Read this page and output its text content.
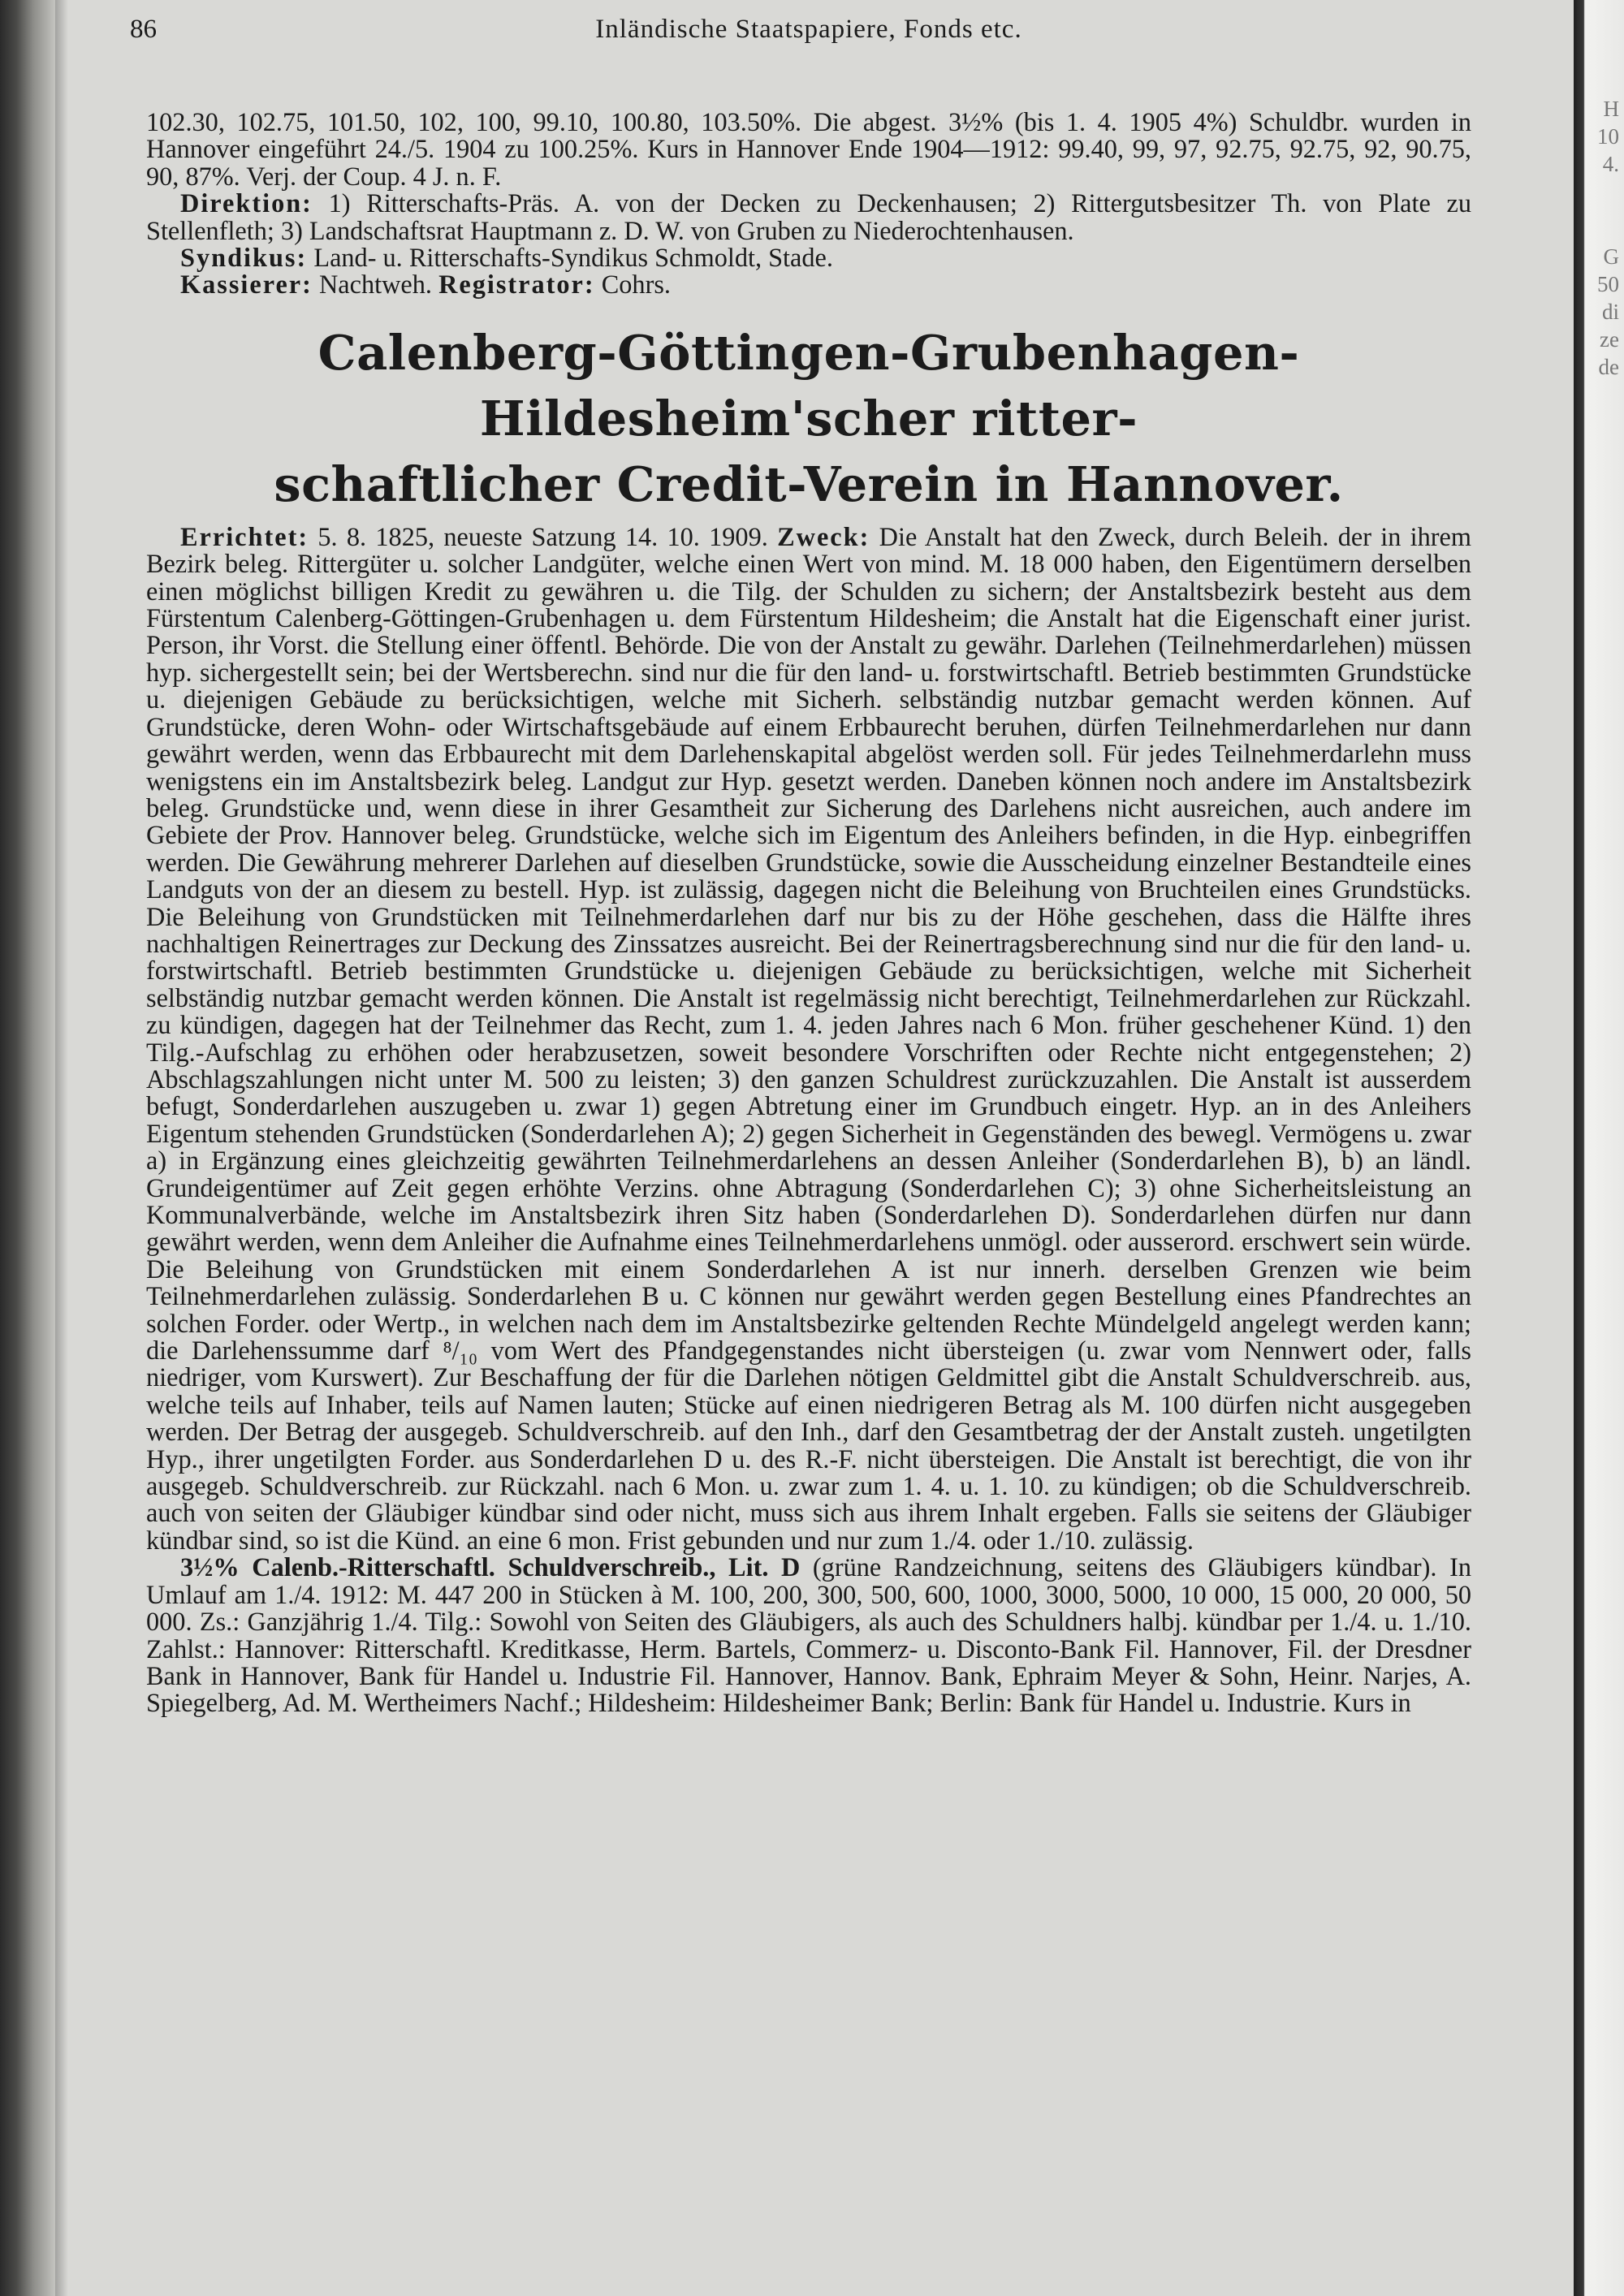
H
10
4.
G
50
di
ze
de
86	Inländische Staatspapiere, Fonds etc.

102.30, 102.75, 101.50, 102, 100, 99.10, 100.80, 103.50%. Die abgest. 3½% (bis 1. 4. 1905 4%) Schuldbr. wurden in Hannover eingeführt 24./5. 1904 zu 100.25%. Kurs in Hannover Ende 1904—1912: 99.40, 99, 97, 92.75, 92.75, 92, 90.75, 90, 87%. Verj. der Coup. 4 J. n. F.

Direktion: 1) Ritterschafts-Präs. A. von der Decken zu Deckenhausen; 2) Rittergutsbesitzer Th. von Plate zu Stellenfleth; 3) Landschaftsrat Hauptmann z. D. W. von Gruben zu Niederochtenhausen.

Syndikus: Land- u. Ritterschafts-Syndikus Schmoldt, Stade.

Kassierer: Nachtweh. Registrator: Cohrs.

Calenberg-Göttingen-Grubenhagen-Hildesheim'scher ritter-
schaftlicher Credit-Verein in Hannover.

Errichtet: 5. 8. 1825, neueste Satzung 14. 10. 1909. Zweck: Die Anstalt hat den Zweck, durch Beleih. der in ihrem Bezirk beleg. Rittergüter u. solcher Landgüter, welche einen Wert von mind. M. 18 000 haben, den Eigentümern derselben einen möglichst billigen Kredit zu gewähren u. die Tilg. der Schulden zu sichern; der Anstaltsbezirk besteht aus dem Fürstentum Calenberg-Göttingen-Grubenhagen u. dem Fürstentum Hildesheim; die Anstalt hat die Eigenschaft einer jurist. Person, ihr Vorst. die Stellung einer öffentl. Behörde. Die von der Anstalt zu gewähr. Darlehen (Teilnehmerdarlehen) müssen hyp. sichergestellt sein; bei der Wertsberechn. sind nur die für den land- u. forstwirtschaftl. Betrieb bestimmten Grundstücke u. diejenigen Gebäude zu berücksichtigen, welche mit Sicherh. selbständig nutzbar gemacht werden können. Auf Grundstücke, deren Wohn- oder Wirtschaftsgebäude auf einem Erbbaurecht beruhen, dürfen Teilnehmerdarlehen nur dann gewährt werden, wenn das Erbbaurecht mit dem Darlehenskapital abgelöst werden soll. Für jedes Teilnehmerdarlehn muss wenigstens ein im Anstaltsbezirk beleg. Landgut zur Hyp. gesetzt werden. Daneben können noch andere im Anstaltsbezirk beleg. Grundstücke und, wenn diese in ihrer Gesamtheit zur Sicherung des Darlehens nicht ausreichen, auch andere im Gebiete der Prov. Hannover beleg. Grundstücke, welche sich im Eigentum des Anleihers befinden, in die Hyp. einbegriffen werden. Die Gewährung mehrerer Darlehen auf dieselben Grundstücke, sowie die Ausscheidung einzelner Bestandteile eines Landguts von der an diesem zu bestell. Hyp. ist zulässig, dagegen nicht die Beleihung von Bruchteilen eines Grundstücks. Die Beleihung von Grundstücken mit Teilnehmerdarlehen darf nur bis zu der Höhe geschehen, dass die Hälfte ihres nachhaltigen Reinertrages zur Deckung des Zinssatzes ausreicht. Bei der Reinertragsberechnung sind nur die für den land- u. forstwirtschaftl. Betrieb bestimmten Grundstücke u. diejenigen Gebäude zu berücksichtigen, welche mit Sicherheit selbständig nutzbar gemacht werden können. Die Anstalt ist regelmässig nicht berechtigt, Teilnehmerdarlehen zur Rückzahl. zu kündigen, dagegen hat der Teilnehmer das Recht, zum 1. 4. jeden Jahres nach 6 Mon. früher geschehener Künd. 1) den Tilg.-Aufschlag zu erhöhen oder herabzusetzen, soweit besondere Vorschriften oder Rechte nicht entgegenstehen; 2) Abschlagszahlungen nicht unter M. 500 zu leisten; 3) den ganzen Schuldrest zurückzuzahlen. Die Anstalt ist ausserdem befugt, Sonderdarlehen auszugeben u. zwar 1) gegen Abtretung einer im Grundbuch eingetr. Hyp. an in des Anleihers Eigentum stehenden Grundstücken (Sonderdarlehen A); 2) gegen Sicherheit in Gegenständen des bewegl. Vermögens u. zwar a) in Ergänzung eines gleichzeitig gewährten Teilnehmerdarlehens an dessen Anleiher (Sonderdarlehen B), b) an ländl. Grundeigentümer auf Zeit gegen erhöhte Verzins. ohne Abtragung (Sonderdarlehen C); 3) ohne Sicherheitsleistung an Kommunalverbände, welche im Anstaltsbezirk ihren Sitz haben (Sonderdarlehen D). Sonderdarlehen dürfen nur dann gewährt werden, wenn dem Anleiher die Aufnahme eines Teilnehmerdarlehens unmögl. oder ausserord. erschwert sein würde. Die Beleihung von Grundstücken mit einem Sonderdarlehen A ist nur innerh. derselben Grenzen wie beim Teilnehmerdarlehen zulässig. Sonderdarlehen B u. C können nur gewährt werden gegen Bestellung eines Pfandrechtes an solchen Forder. oder Wertp., in welchen nach dem im Anstaltsbezirke geltenden Rechte Mündelgeld angelegt werden kann; die Darlehenssumme darf ⁸/₁₀ vom Wert des Pfandgegenstandes nicht übersteigen (u. zwar vom Nennwert oder, falls niedriger, vom Kurswert). Zur Beschaffung der für die Darlehen nötigen Geldmittel gibt die Anstalt Schuldverschreib. aus, welche teils auf Inhaber, teils auf Namen lauten; Stücke auf einen niedrigeren Betrag als M. 100 dürfen nicht ausgegeben werden. Der Betrag der ausgegeb. Schuldverschreib. auf den Inh., darf den Gesamtbetrag der der Anstalt zusteh. ungetilgten Hyp., ihrer ungetilgten Forder. aus Sonderdarlehen D u. des R.-F. nicht übersteigen. Die Anstalt ist berechtigt, die von ihr ausgegeb. Schuldverschreib. zur Rückzahl. nach 6 Mon. u. zwar zum 1. 4. u. 1. 10. zu kündigen; ob die Schuldverschreib. auch von seiten der Gläubiger kündbar sind oder nicht, muss sich aus ihrem Inhalt ergeben. Falls sie seitens der Gläubiger kündbar sind, so ist die Künd. an eine 6 mon. Frist gebunden und nur zum 1./4. oder 1./10. zulässig.

3½% Calenb.-Ritterschaftl. Schuldverschreib., Lit. D (grüne Randzeichnung, seitens des Gläubigers kündbar). In Umlauf am 1./4. 1912: M. 447 200 in Stücken à M. 100, 200, 300, 500, 600, 1000, 3000, 5000, 10 000, 15 000, 20 000, 50 000. Zs.: Ganzjährig 1./4. Tilg.: Sowohl von Seiten des Gläubigers, als auch des Schuldners halbj. kündbar per 1./4. u. 1./10. Zahlst.: Hannover: Ritterschaftl. Kreditkasse, Herm. Bartels, Commerz- u. Disconto-Bank Fil. Hannover, Fil. der Dresdner Bank in Hannover, Bank für Handel u. Industrie Fil. Hannover, Hannov. Bank, Ephraim Meyer & Sohn, Heinr. Narjes, A. Spiegelberg, Ad. M. Wertheimers Nachf.; Hildesheim: Hildesheimer Bank; Berlin: Bank für Handel u. Industrie. Kurs in
